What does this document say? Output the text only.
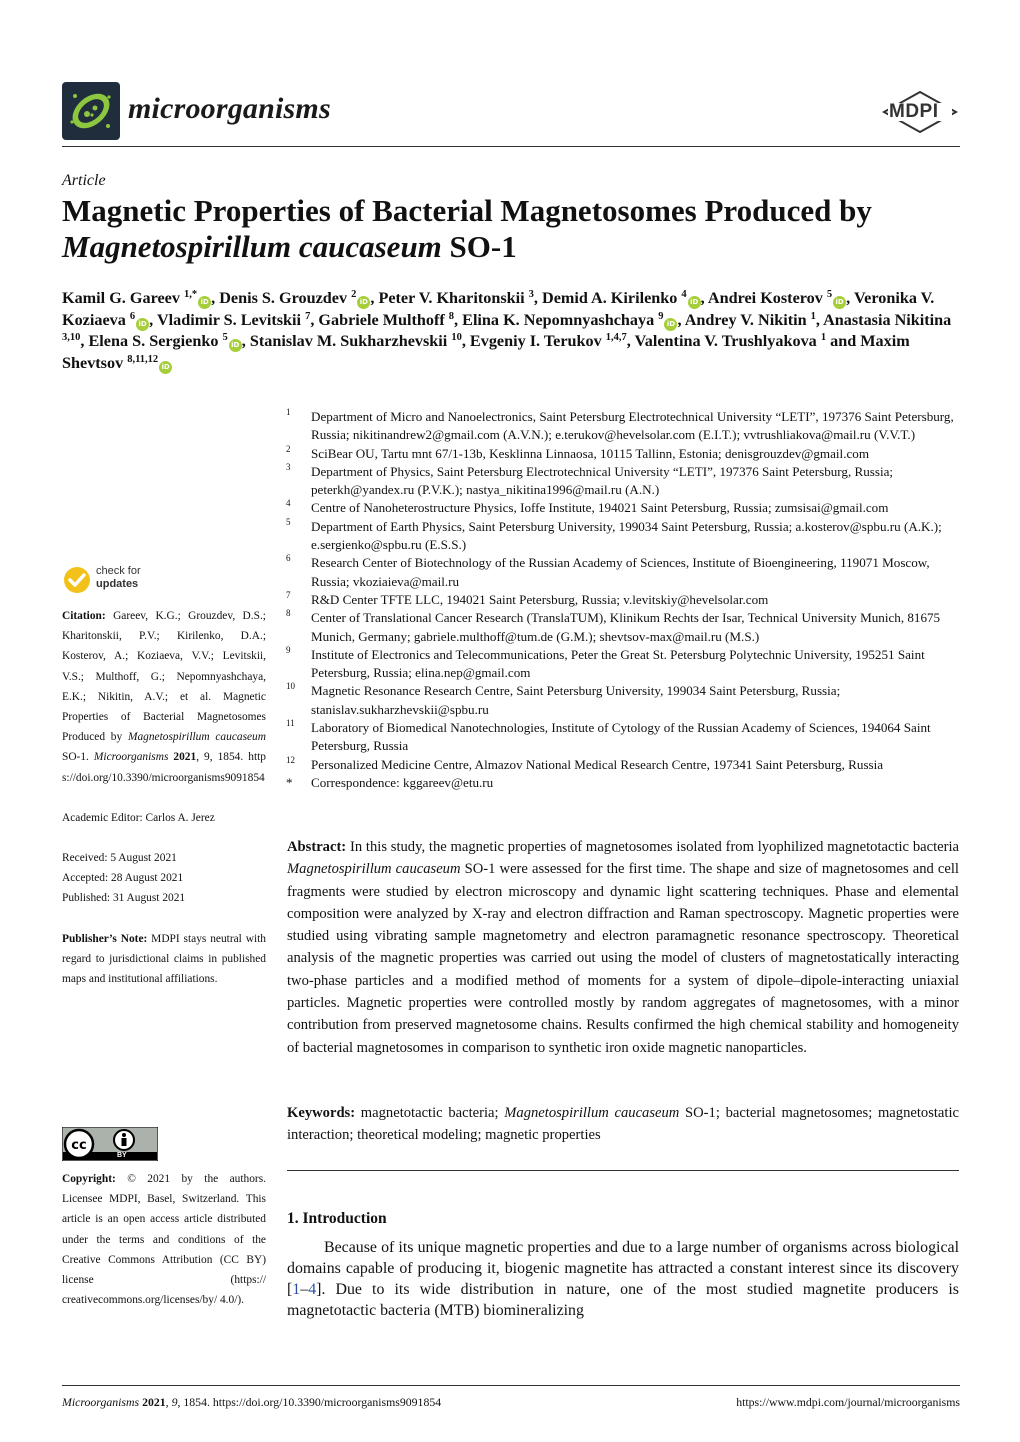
microorganisms	MDPI
Article
Magnetic Properties of Bacterial Magnetosomes Produced by
Magnetospirillum caucaseum SO-1
Kamil G. Gareev $^{1,*}$iD , Denis S. Grouzdev $^2$iD , Peter V. Kharitonskii $^3$, Demid A. Kirilenko $^4$iD , Andrei Kosterov $^5$iD , Veronika V. Koziaeva $^6$iD , Vladimir S. Levitskii $^7$, Gabriele Multhoff $^8$, Elina K. Nepomnyashchaya $^9$iD , Andrey V. Nikitin $^1$, Anastasia Nikitina $^{3,10}$, Elena S. Sergienko $^5$iD , Stanislav M. Sukharzhevskii $^{10}$, Evgeniy I. Terukov $^{1,4,7}$, Valentina V. Trushlyakova $^1$ and Maxim Shevtsov $^{8,11,12}$iD
1 Department of Micro and Nanoelectronics, Saint Petersburg Electrotechnical University “LETI”, 197376 Saint Petersburg, Russia; nikitinandrew2@gmail.com (A.V.N.); e.terukov@hevelsolar.com (E.I.T.); vvtrushliakova@mail.ru (V.V.T.)
2 SciBear OU, Tartu mnt 67/1-13b, Kesklinna Linnaosa, 10115 Tallinn, Estonia; denisgrouzdev@gmail.com
3 Department of Physics, Saint Petersburg Electrotechnical University “LETI”, 197376 Saint Petersburg, Russia; peterkh@yandex.ru (P.V.K.); nastya_nikitina1996@mail.ru (A.N.)
4 Centre of Nanoheterostructure Physics, Ioffe Institute, 194021 Saint Petersburg, Russia; zumsisai@gmail.com
5 Department of Earth Physics, Saint Petersburg University, 199034 Saint Petersburg, Russia; a.kosterov@spbu.ru (A.K.); e.sergienko@spbu.ru (E.S.S.)
6 Research Center of Biotechnology of the Russian Academy of Sciences, Institute of Bioengineering, 119071 Moscow, Russia; vkoziaieva@mail.ru
7 R&D Center TFTE LLC, 194021 Saint Petersburg, Russia; v.levitskiy@hevelsolar.com
8 Center of Translational Cancer Research (TranslaTUM), Klinikum Rechts der Isar, Technical University Munich, 81675 Munich, Germany; gabriele.multhoff@tum.de (G.M.); shevtsov-max@mail.ru (M.S.)
9 Institute of Electronics and Telecommunications, Peter the Great St. Petersburg Polytechnic University, 195251 Saint Petersburg, Russia; elina.nep@gmail.com
10 Magnetic Resonance Research Centre, Saint Petersburg University, 199034 Saint Petersburg, Russia; stanislav.sukharzhevskii@spbu.ru
11 Laboratory of Biomedical Nanotechnologies, Institute of Cytology of the Russian Academy of Sciences, 194064 Saint Petersburg, Russia
12 Personalized Medicine Centre, Almazov National Medical Research Centre, 197341 Saint Petersburg, Russia
* Correspondence: kggareev@etu.ru
check for
updates
Citation: Gareev, K.G.; Grouzdev, D.S.; Kharitonskii, P.V.; Kirilenko, D.A.; Kosterov, A.; Koziaeva, V.V.; Levitskii, V.S.; Multhoff, G.; Nepomnyashchaya, E.K.; Nikitin, A.V.; et al. Magnetic Properties of Bacterial Magnetosomes Produced by Magnetospirillum caucaseum SO-1. Microorganisms 2021, 9, 1854. https://doi.org/10.3390/microorganisms9091854
Academic Editor: Carlos A. Jerez
Received: 5 August 2021
Accepted: 28 August 2021
Published: 31 August 2021
Publisher’s Note: MDPI stays neutral with regard to jurisdictional claims in published maps and institutional affiliations.
cc
BY
Copyright: © 2021 by the authors. Licensee MDPI, Basel, Switzerland. This article is an open access article distributed under the terms and conditions of the Creative Commons Attribution (CC BY) license (https:// creativecommons.org/licenses/by/ 4.0/).
Abstract: In this study, the magnetic properties of magnetosomes isolated from lyophilized magnetotactic bacteria Magnetospirillum caucaseum SO-1 were assessed for the first time. The shape and size of magnetosomes and cell fragments were studied by electron microscopy and dynamic light scattering techniques. Phase and elemental composition were analyzed by X-ray and electron diffraction and Raman spectroscopy. Magnetic properties were studied using vibrating sample magnetometry and electron paramagnetic resonance spectroscopy. Theoretical analysis of the magnetic properties was carried out using the model of clusters of magnetostatically interacting two-phase particles and a modified method of moments for a system of dipole–dipole-interacting uniaxial particles. Magnetic properties were controlled mostly by random aggregates of magnetosomes, with a minor contribution from preserved magnetosome chains. Results confirmed the high chemical stability and homogeneity of bacterial magnetosomes in comparison to synthetic iron oxide magnetic nanoparticles.
Keywords: magnetotactic bacteria; Magnetospirillum caucaseum SO-1; bacterial magnetosomes; magnetostatic interaction; theoretical modeling; magnetic properties
1. Introduction
Because of its unique magnetic properties and due to a large number of organisms across biological domains capable of producing it, biogenic magnetite has attracted a constant interest since its discovery [1–4]. Due to its wide distribution in nature, one of the most studied magnetite producers is magnetotactic bacteria (MTB) biomineralizing
Microorganisms 2021, 9, 1854. https://doi.org/10.3390/microorganisms9091854	https://www.mdpi.com/journal/microorganisms
